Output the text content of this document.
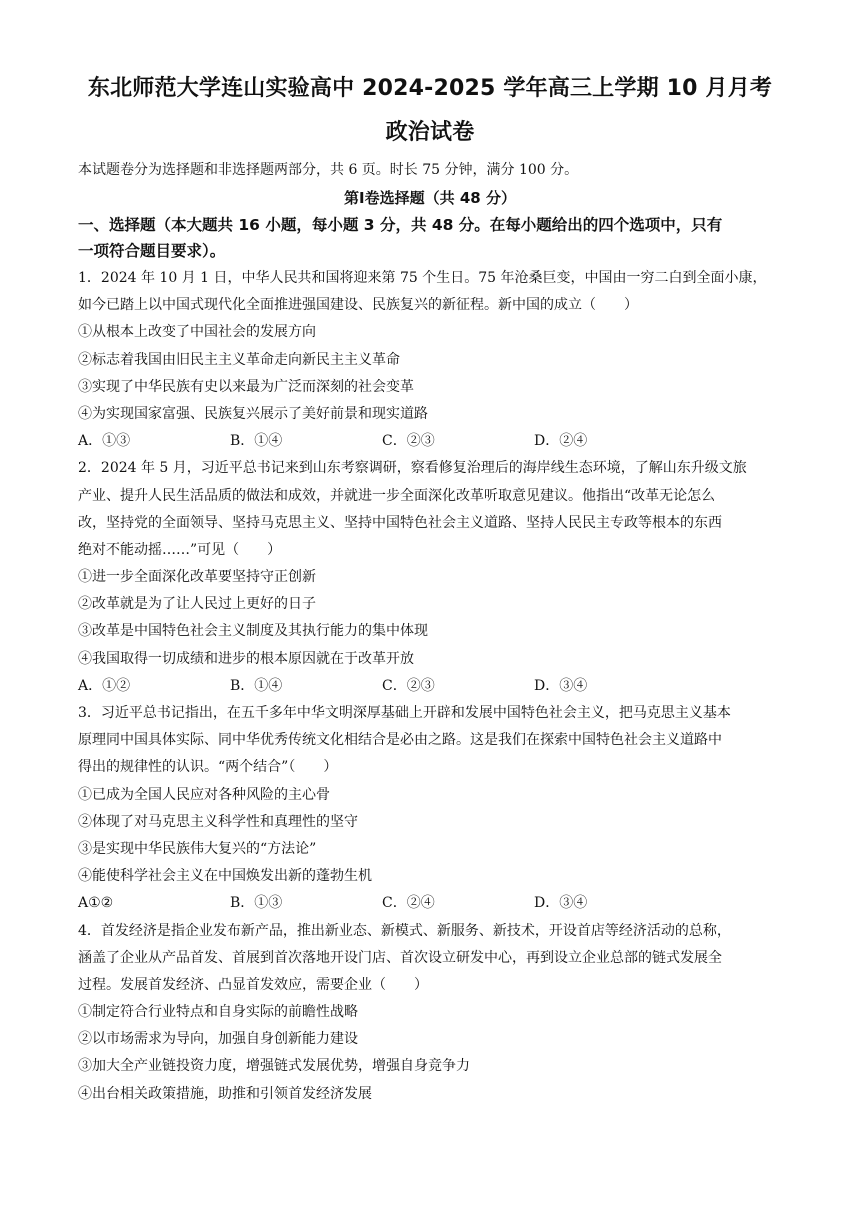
东北师范大学连山实验高中 2024-2025 学年高三上学期 10 月月考
政治试卷
本试题卷分为选择题和非选择题两部分，共 6 页。时长 75 分钟，满分 100 分。
第Ⅰ卷选择题（共 48 分）
一、选择题（本大题共 16 小题，每小题 3 分，共 48 分。在每小题给出的四个选项中，只有
一项符合题目要求）。
1．2024 年 10 月 1 日，中华人民共和国将迎来第 75 个生日。75 年沧桑巨变，中国由一穷二白到全面小康，
如今已踏上以中国式现代化全面推进强国建设、民族复兴的新征程。新中国的成立（　　）
①从根本上改变了中国社会的发展方向
②标志着我国由旧民主主义革命走向新民主主义革命
③实现了中华民族有史以来最为广泛而深刻的社会变革
④为实现国家富强、民族复兴展示了美好前景和现实道路
A．①③	B．①④	C．②③	D．②④
2．2024 年 5 月，习近平总书记来到山东考察调研，察看修复治理后的海岸线生态环境，了解山东升级文旅
产业、提升人民生活品质的做法和成效，并就进一步全面深化改革听取意见建议。他指出“改革无论怎么
改，坚持党的全面领导、坚持马克思主义、坚持中国特色社会主义道路、坚持人民民主专政等根本的东西
绝对不能动摇……”可见（　　）
①进一步全面深化改革要坚持守正创新
②改革就是为了让人民过上更好的日子
③改革是中国特色社会主义制度及其执行能力的集中体现
④我国取得一切成绩和进步的根本原因就在于改革开放
A．①②	B．①④	C．②③	D．③④
3．习近平总书记指出，在五千多年中华文明深厚基础上开辟和发展中国特色社会主义，把马克思主义基本
原理同中国具体实际、同中华优秀传统文化相结合是必由之路。这是我们在探索中国特色社会主义道路中
得出的规律性的认识。“两个结合”（　　）
①已成为全国人民应对各种风险的主心骨
②体现了对马克思主义科学性和真理性的坚守
③是实现中华民族伟大复兴的“方法论”
④能使科学社会主义在中国焕发出新的蓬勃生机
A①②	B．①③	C．②④	D．③④
4．首发经济是指企业发布新产品，推出新业态、新模式、新服务、新技术，开设首店等经济活动的总称，
涵盖了企业从产品首发、首展到首次落地开设门店、首次设立研发中心，再到设立企业总部的链式发展全
过程。发展首发经济、凸显首发效应，需要企业（　　）
①制定符合行业特点和自身实际的前瞻性战略
②以市场需求为导向，加强自身创新能力建设
③加大全产业链投资力度，增强链式发展优势，增强自身竞争力
④出台相关政策措施，助推和引领首发经济发展
